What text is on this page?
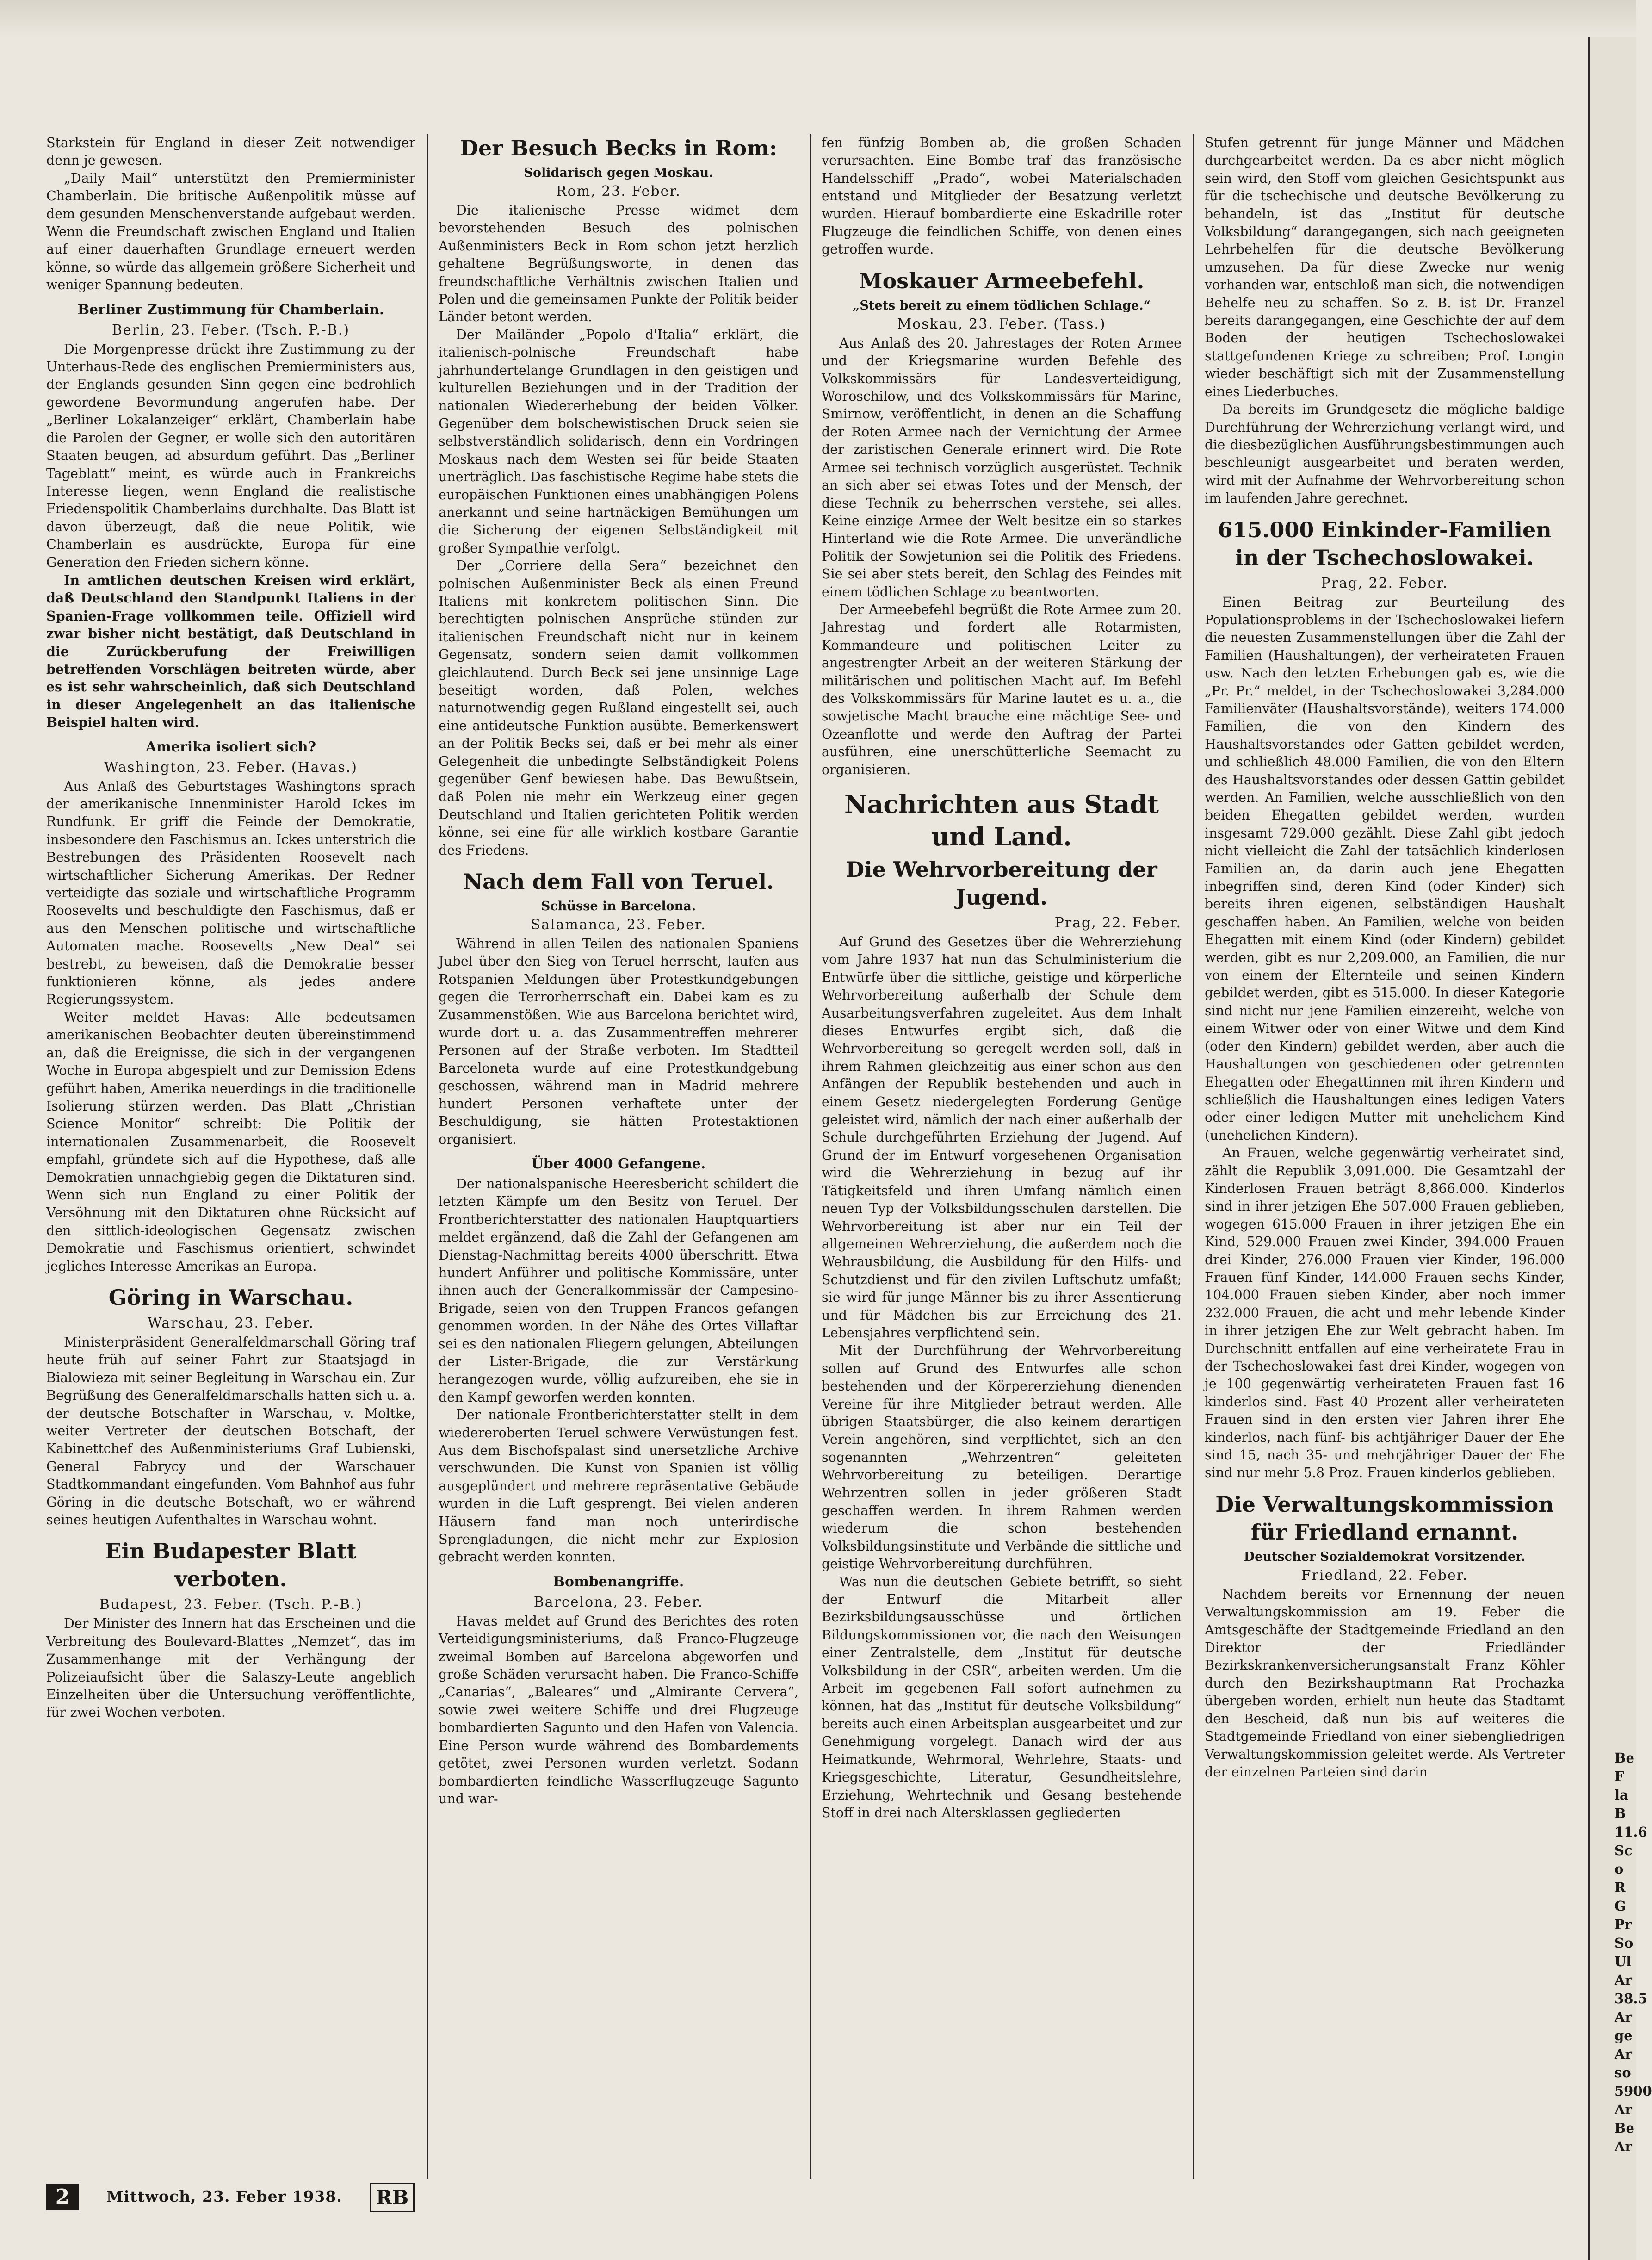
Starkstein für England in dieser Zeit notwendiger denn je gewesen.

„Daily Mail“ unterstützt den Premierminister Chamberlain. Die britische Außenpolitik müsse auf dem gesunden Menschenverstande aufgebaut werden. Wenn die Freundschaft zwischen England und Italien auf einer dauerhaften Grundlage erneuert werden könne, so würde das allgemein größere Sicherheit und weniger Spannung bedeuten.

Berliner Zustimmung für Chamberlain.

Berlin, 23. Feber. (Tsch. P.-B.)

Die Morgenpresse drückt ihre Zustimmung zu der Unterhaus-Rede des englischen Premierministers aus, der Englands gesunden Sinn gegen eine bedrohlich gewordene Bevormundung angerufen habe. Der „Berliner Lokalanzeiger“ erklärt, Chamberlain habe die Parolen der Gegner, er wolle sich den autoritären Staaten beugen, ad absurdum geführt. Das „Berliner Tageblatt“ meint, es würde auch in Frankreichs Interesse liegen, wenn England die realistische Friedenspolitik Chamberlains durchhalte. Das Blatt ist davon überzeugt, daß die neue Politik, wie Chamberlain es ausdrückte, Europa für eine Generation den Frieden sichern könne.

In amtlichen deutschen Kreisen wird erklärt, daß Deutschland den Standpunkt Italiens in der Spanien-Frage vollkommen teile. Offiziell wird zwar bisher nicht bestätigt, daß Deutschland in die Zurückberufung der Freiwilligen betreffenden Vorschlägen beitreten würde, aber es ist sehr wahrscheinlich, daß sich Deutschland in dieser Angelegenheit an das italienische Beispiel halten wird.

Amerika isoliert sich?

Washington, 23. Feber. (Havas.)

Aus Anlaß des Geburtstages Washingtons sprach der amerikanische Innenminister Harold Ickes im Rundfunk. Er griff die Feinde der Demokratie, insbesondere den Faschismus an. Ickes unterstrich die Bestrebungen des Präsidenten Roosevelt nach wirtschaftlicher Sicherung Amerikas. Der Redner verteidigte das soziale und wirtschaftliche Programm Roosevelts und beschuldigte den Faschismus, daß er aus den Menschen politische und wirtschaftliche Automaten mache. Roosevelts „New Deal“ sei bestrebt, zu beweisen, daß die Demokratie besser funktionieren könne, als jedes andere Regierungssystem.

Weiter meldet Havas: Alle bedeutsamen amerikanischen Beobachter deuten übereinstimmend an, daß die Ereignisse, die sich in der vergangenen Woche in Europa abgespielt und zur Demission Edens geführt haben, Amerika neuerdings in die traditionelle Isolierung stürzen werden. Das Blatt „Christian Science Monitor“ schreibt: Die Politik der internationalen Zusammenarbeit, die Roosevelt empfahl, gründete sich auf die Hypothese, daß alle Demokratien unnachgiebig gegen die Diktaturen sind. Wenn sich nun England zu einer Politik der Versöhnung mit den Diktaturen ohne Rücksicht auf den sittlich-ideologischen Gegensatz zwischen Demokratie und Faschismus orientiert, schwindet jegliches Interesse Amerikas an Europa.

Göring in Warschau.

Warschau, 23. Feber.

Ministerpräsident Generalfeldmarschall Göring traf heute früh auf seiner Fahrt zur Staatsjagd in Bialowieza mit seiner Begleitung in Warschau ein. Zur Begrüßung des Generalfeldmarschalls hatten sich u. a. der deutsche Botschafter in Warschau, v. Moltke, weiter Vertreter der deutschen Botschaft, der Kabinettchef des Außenministeriums Graf Lubienski, General Fabrycy und der Warschauer Stadtkommandant eingefunden. Vom Bahnhof aus fuhr Göring in die deutsche Botschaft, wo er während seines heutigen Aufenthaltes in Warschau wohnt.

Ein Budapester Blatt verboten.

Budapest, 23. Feber. (Tsch. P.-B.)

Der Minister des Innern hat das Erscheinen und die Verbreitung des Boulevard-Blattes „Nemzet“, das im Zusammenhange mit der Verhängung der Polizeiaufsicht über die Salaszy-Leute angeblich Einzelheiten über die Untersuchung veröffentlichte, für zwei Wochen verboten.

Der Besuch Becks in Rom:

Solidarisch gegen Moskau.

Rom, 23. Feber.

Die italienische Presse widmet dem bevorstehenden Besuch des polnischen Außenministers Beck in Rom schon jetzt herzlich gehaltene Begrüßungsworte, in denen das freundschaftliche Verhältnis zwischen Italien und Polen und die gemeinsamen Punkte der Politik beider Länder betont werden.

Der Mailänder „Popolo d'Italia“ erklärt, die italienisch-polnische Freundschaft habe jahrhundertelange Grundlagen in den geistigen und kulturellen Beziehungen und in der Tradition der nationalen Wiedererhebung der beiden Völker. Gegenüber dem bolschewistischen Druck seien sie selbstverständlich solidarisch, denn ein Vordringen Moskaus nach dem Westen sei für beide Staaten unerträglich. Das faschistische Regime habe stets die europäischen Funktionen eines unabhängigen Polens anerkannt und seine hartnäckigen Bemühungen um die Sicherung der eigenen Selbständigkeit mit großer Sympathie verfolgt.

Der „Corriere della Sera“ bezeichnet den polnischen Außenminister Beck als einen Freund Italiens mit konkretem politischen Sinn. Die berechtigten polnischen Ansprüche stünden zur italienischen Freundschaft nicht nur in keinem Gegensatz, sondern seien damit vollkommen gleichlautend. Durch Beck sei jene unsinnige Lage beseitigt worden, daß Polen, welches naturnotwendig gegen Rußland eingestellt sei, auch eine antideutsche Funktion ausübte. Bemerkenswert an der Politik Becks sei, daß er bei mehr als einer Gelegenheit die unbedingte Selbständigkeit Polens gegenüber Genf bewiesen habe. Das Bewußtsein, daß Polen nie mehr ein Werkzeug einer gegen Deutschland und Italien gerichteten Politik werden könne, sei eine für alle wirklich kostbare Garantie des Friedens.

Nach dem Fall von Teruel.

Schüsse in Barcelona.

Salamanca, 23. Feber.

Während in allen Teilen des nationalen Spaniens Jubel über den Sieg von Teruel herrscht, laufen aus Rotspanien Meldungen über Protestkundgebungen gegen die Terrorherrschaft ein. Dabei kam es zu Zusammenstößen. Wie aus Barcelona berichtet wird, wurde dort u. a. das Zusammentreffen mehrerer Personen auf der Straße verboten. Im Stadtteil Barceloneta wurde auf eine Protestkundgebung geschossen, während man in Madrid mehrere hundert Personen verhaftete unter der Beschuldigung, sie hätten Protestaktionen organisiert.

Über 4000 Gefangene.

Der nationalspanische Heeresbericht schildert die letzten Kämpfe um den Besitz von Teruel. Der Frontberichterstatter des nationalen Hauptquartiers meldet ergänzend, daß die Zahl der Gefangenen am Dienstag-Nachmittag bereits 4000 überschritt. Etwa hundert Anführer und politische Kommissäre, unter ihnen auch der Generalkommissär der Campesino-Brigade, seien von den Truppen Francos gefangen genommen worden. In der Nähe des Ortes Villaftar sei es den nationalen Fliegern gelungen, Abteilungen der Lister-Brigade, die zur Verstärkung herangezogen wurde, völlig aufzureiben, ehe sie in den Kampf geworfen werden konnten.

Der nationale Frontberichterstatter stellt in dem wiedereroberten Teruel schwere Verwüstungen fest. Aus dem Bischofspalast sind unersetzliche Archive verschwunden. Die Kunst von Spanien ist völlig ausgeplündert und mehrere repräsentative Gebäude wurden in die Luft gesprengt. Bei vielen anderen Häusern fand man noch unterirdische Sprengladungen, die nicht mehr zur Explosion gebracht werden konnten.

Bombenangriffe.

Barcelona, 23. Feber.

Havas meldet auf Grund des Berichtes des roten Verteidigungsministeriums, daß Franco-Flugzeuge zweimal Bomben auf Barcelona abgeworfen und große Schäden verursacht haben. Die Franco-Schiffe „Canarias“, „Baleares“ und „Almirante Cervera“, sowie zwei weitere Schiffe und drei Flugzeuge bombardierten Sagunto und den Hafen von Valencia. Eine Person wurde während des Bombardements getötet, zwei Personen wurden verletzt. Sodann bombardierten feindliche Wasserflugzeuge Sagunto und war-

fen fünfzig Bomben ab, die großen Schaden verursachten. Eine Bombe traf das französische Handelsschiff „Prado“, wobei Materialschaden entstand und Mitglieder der Besatzung verletzt wurden. Hierauf bombardierte eine Eskadrille roter Flugzeuge die feindlichen Schiffe, von denen eines getroffen wurde.

Moskauer Armeebefehl.

„Stets bereit zu einem tödlichen Schlage.“

Moskau, 23. Feber. (Tass.)

Aus Anlaß des 20. Jahrestages der Roten Armee und der Kriegsmarine wurden Befehle des Volkskommissärs für Landesverteidigung, Woroschilow, und des Volkskommissärs für Marine, Smirnow, veröffentlicht, in denen an die Schaffung der Roten Armee nach der Vernichtung der Armee der zaristischen Generale erinnert wird. Die Rote Armee sei technisch vorzüglich ausgerüstet. Technik an sich aber sei etwas Totes und der Mensch, der diese Technik zu beherrschen verstehe, sei alles. Keine einzige Armee der Welt besitze ein so starkes Hinterland wie die Rote Armee. Die unverändliche Politik der Sowjetunion sei die Politik des Friedens. Sie sei aber stets bereit, den Schlag des Feindes mit einem tödlichen Schlage zu beantworten.

Der Armeebefehl begrüßt die Rote Armee zum 20. Jahrestag und fordert alle Rotarmisten, Kommandeure und politischen Leiter zu angestrengter Arbeit an der weiteren Stärkung der militärischen und politischen Macht auf. Im Befehl des Volkskommissärs für Marine lautet es u. a., die sowjetische Macht brauche eine mächtige See- und Ozeanflotte und werde den Auftrag der Partei ausführen, eine unerschütterliche Seemacht zu organisieren.

Nachrichten aus Stadt und Land.

Die Wehrvorbereitung der Jugend.

Prag, 22. Feber.

Auf Grund des Gesetzes über die Wehrerziehung vom Jahre 1937 hat nun das Schulministerium die Entwürfe über die sittliche, geistige und körperliche Wehrvorbereitung außerhalb der Schule dem Ausarbeitungsverfahren zugeleitet. Aus dem Inhalt dieses Entwurfes ergibt sich, daß die Wehrvorbereitung so geregelt werden soll, daß in ihrem Rahmen gleichzeitig aus einer schon aus den Anfängen der Republik bestehenden und auch in einem Gesetz niedergelegten Forderung Genüge geleistet wird, nämlich der nach einer außerhalb der Schule durchgeführten Erziehung der Jugend. Auf Grund der im Entwurf vorgesehenen Organisation wird die Wehrerziehung in bezug auf ihr Tätigkeitsfeld und ihren Umfang nämlich einen neuen Typ der Volksbildungsschulen darstellen. Die Wehrvorbereitung ist aber nur ein Teil der allgemeinen Wehrerziehung, die außerdem noch die Wehrausbildung, die Ausbildung für den Hilfs- und Schutzdienst und für den zivilen Luftschutz umfaßt; sie wird für junge Männer bis zu ihrer Assentierung und für Mädchen bis zur Erreichung des 21. Lebensjahres verpflichtend sein.

Mit der Durchführung der Wehrvorbereitung sollen auf Grund des Entwurfes alle schon bestehenden und der Körpererziehung dienenden Vereine für ihre Mitglieder betraut werden. Alle übrigen Staatsbürger, die also keinem derartigen Verein angehören, sind verpflichtet, sich an den sogenannten „Wehrzentren“ geleiteten Wehrvorbereitung zu beteiligen. Derartige Wehrzentren sollen in jeder größeren Stadt geschaffen werden. In ihrem Rahmen werden wiederum die schon bestehenden Volksbildungsinstitute und Verbände die sittliche und geistige Wehrvorbereitung durchführen.

Was nun die deutschen Gebiete betrifft, so sieht der Entwurf die Mitarbeit aller Bezirksbildungsausschüsse und örtlichen Bildungskommissionen vor, die nach den Weisungen einer Zentralstelle, dem „Institut für deutsche Volksbildung in der CSR“, arbeiten werden. Um die Arbeit im gegebenen Fall sofort aufnehmen zu können, hat das „Institut für deutsche Volksbildung“ bereits auch einen Arbeitsplan ausgearbeitet und zur Genehmigung vorgelegt. Danach wird der aus Heimatkunde, Wehrmoral, Wehrlehre, Staats- und Kriegsgeschichte, Literatur, Gesundheitslehre, Erziehung, Wehrtechnik und Gesang bestehende Stoff in drei nach Altersklassen gegliederten

Stufen getrennt für junge Männer und Mädchen durchgearbeitet werden. Da es aber nicht möglich sein wird, den Stoff vom gleichen Gesichtspunkt aus für die tschechische und deutsche Bevölkerung zu behandeln, ist das „Institut für deutsche Volksbildung“ darangegangen, sich nach geeigneten Lehrbehelfen für die deutsche Bevölkerung umzusehen. Da für diese Zwecke nur wenig vorhanden war, entschloß man sich, die notwendigen Behelfe neu zu schaffen. So z. B. ist Dr. Franzel bereits darangegangen, eine Geschichte der auf dem Boden der heutigen Tschechoslowakei stattgefundenen Kriege zu schreiben; Prof. Longin wieder beschäftigt sich mit der Zusammenstellung eines Liederbuches.

Da bereits im Grundgesetz die mögliche baldige Durchführung der Wehrerziehung verlangt wird, und die diesbezüglichen Ausführungsbestimmungen auch beschleunigt ausgearbeitet und beraten werden, wird mit der Aufnahme der Wehrvorbereitung schon im laufenden Jahre gerechnet.

615.000 Einkinder-Familien in der Tschechoslowakei.

Prag, 22. Feber.

Einen Beitrag zur Beurteilung des Populationsproblems in der Tschechoslowakei liefern die neuesten Zusammenstellungen über die Zahl der Familien (Haushaltungen), der verheirateten Frauen usw. Nach den letzten Erhebungen gab es, wie die „Pr. Pr.“ meldet, in der Tschechoslowakei 3,284.000 Familienväter (Haushaltsvorstände), weiters 174.000 Familien, die von den Kindern des Haushaltsvorstandes oder Gatten gebildet werden, und schließlich 48.000 Familien, die von den Eltern des Haushaltsvorstandes oder dessen Gattin gebildet werden. An Familien, welche ausschließlich von den beiden Ehegatten gebildet werden, wurden insgesamt 729.000 gezählt. Diese Zahl gibt jedoch nicht vielleicht die Zahl der tatsächlich kinderlosen Familien an, da darin auch jene Ehegatten inbegriffen sind, deren Kind (oder Kinder) sich bereits ihren eigenen, selbständigen Haushalt geschaffen haben. An Familien, welche von beiden Ehegatten mit einem Kind (oder Kindern) gebildet werden, gibt es nur 2,209.000, an Familien, die nur von einem der Elternteile und seinen Kindern gebildet werden, gibt es 515.000. In dieser Kategorie sind nicht nur jene Familien einzereiht, welche von einem Witwer oder von einer Witwe und dem Kind (oder den Kindern) gebildet werden, aber auch die Haushaltungen von geschiedenen oder getrennten Ehegatten oder Ehegattinnen mit ihren Kindern und schließlich die Haushaltungen eines ledigen Vaters oder einer ledigen Mutter mit unehelichem Kind (unehelichen Kindern).

An Frauen, welche gegenwärtig verheiratet sind, zählt die Republik 3,091.000. Die Gesamtzahl der Kinderlosen Frauen beträgt 8,866.000. Kinderlos sind in ihrer jetzigen Ehe 507.000 Frauen geblieben, wogegen 615.000 Frauen in ihrer jetzigen Ehe ein Kind, 529.000 Frauen zwei Kinder, 394.000 Frauen drei Kinder, 276.000 Frauen vier Kinder, 196.000 Frauen fünf Kinder, 144.000 Frauen sechs Kinder, 104.000 Frauen sieben Kinder, aber noch immer 232.000 Frauen, die acht und mehr lebende Kinder in ihrer jetzigen Ehe zur Welt gebracht haben. Im Durchschnitt entfallen auf eine verheiratete Frau in der Tschechoslowakei fast drei Kinder, wogegen von je 100 gegenwärtig verheirateten Frauen fast 16 kinderlos sind. Fast 40 Prozent aller verheirateten Frauen sind in den ersten vier Jahren ihrer Ehe kinderlos, nach fünf- bis achtjähriger Dauer der Ehe sind 15, nach 35- und mehrjähriger Dauer der Ehe sind nur mehr 5.8 Proz. Frauen kinderlos geblieben.

Die Verwaltungskommission für Friedland ernannt.

Deutscher Sozialdemokrat Vorsitzender.

Friedland, 22. Feber.

Nachdem bereits vor Ernennung der neuen Verwaltungskommission am 19. Feber die Amtsgeschäfte der Stadtgemeinde Friedland an den Direktor der Friedländer Bezirkskrankenversicherungsanstalt Franz Köhler durch den Bezirkshauptmann Rat Prochazka übergeben worden, erhielt nun heute das Stadtamt den Bescheid, daß nun bis auf weiteres die Stadtgemeinde Friedland von einer siebengliedrigen Verwaltungskommission geleitet werde. Als Vertreter der einzelnen Parteien sind darin

Be

F

la

B

11.6

Sc

o

R

G

Pr

So

Ul

Ar

38.5

Ar

ge

Ar

so

5900

Ar

Be

Ar

2	Mittwoch, 23. Feber 1938.	RB
